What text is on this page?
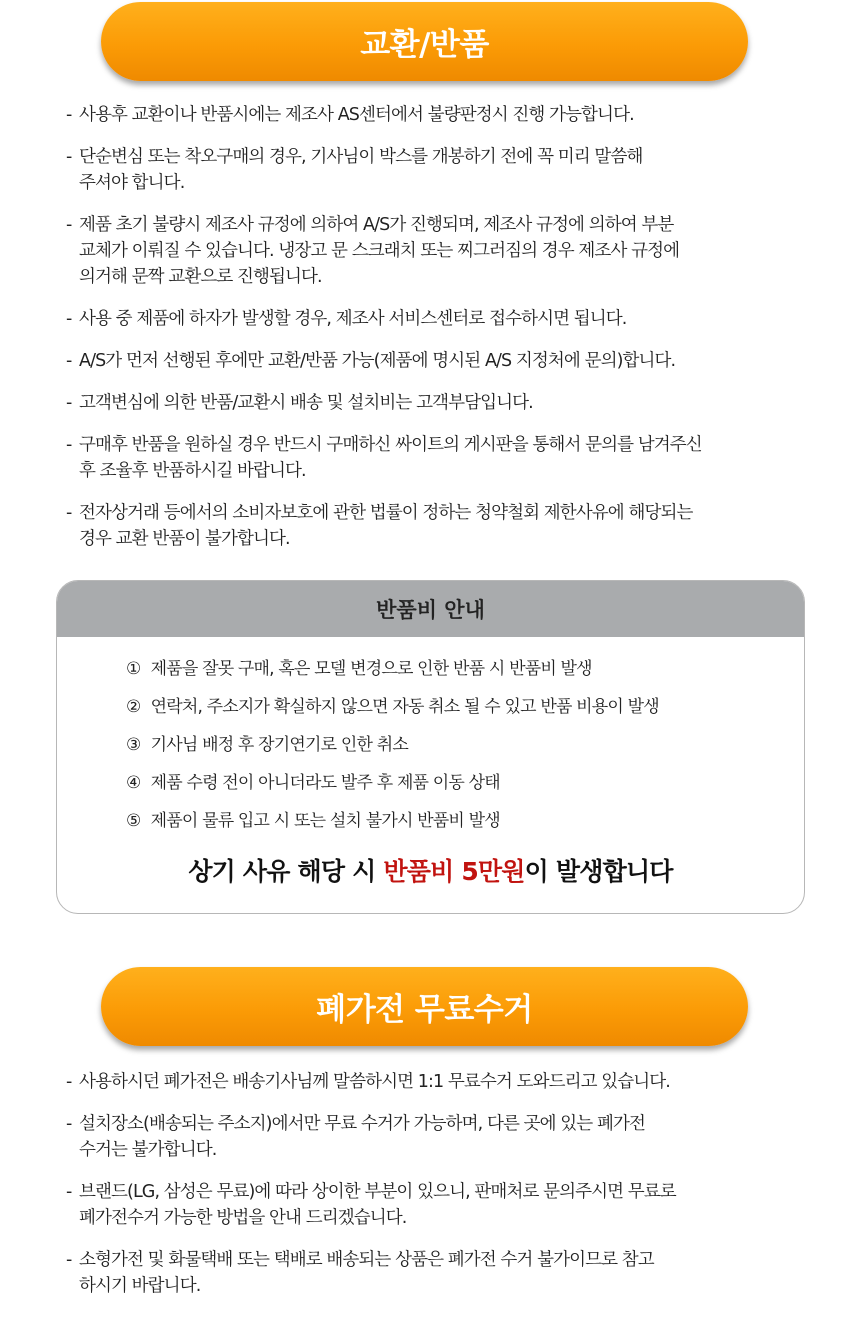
교환/반품
- 사용후 교환이나 반품시에는 제조사 AS센터에서 불량판정시 진행 가능합니다.
- 단순변심 또는 착오구매의 경우, 기사님이 박스를 개봉하기 전에 꼭 미리 말씀해
주셔야 합니다.
- 제품 초기 불량시 제조사 규정에 의하여 A/S가 진행되며, 제조사 규정에 의하여 부분
교체가 이뤄질 수 있습니다. 냉장고 문 스크래치 또는 찌그러짐의 경우 제조사 규정에
의거해 문짝 교환으로 진행됩니다.
- 사용 중 제품에 하자가 발생할 경우, 제조사 서비스센터로 접수하시면 됩니다.
- A/S가 먼저 선행된 후에만 교환/반품 가능(제품에 명시된 A/S 지정처에 문의)합니다.
- 고객변심에 의한 반품/교환시 배송 및 설치비는 고객부담입니다.
- 구매후 반품을 원하실 경우 반드시 구매하신 싸이트의 게시판을 통해서 문의를 남겨주신
후 조율후 반품하시길 바랍니다.
- 전자상거래 등에서의 소비자보호에 관한 법률이 정하는 청약철회 제한사유에 해당되는
경우 교환 반품이 불가합니다.
반품비 안내
① 제품을 잘못 구매, 혹은 모델 변경으로 인한 반품 시 반품비 발생
② 연락처, 주소지가 확실하지 않으면 자동 취소 될 수 있고 반품 비용이 발생
③ 기사님 배정 후 장기연기로 인한 취소
④ 제품 수령 전이 아니더라도 발주 후 제품 이동 상태
⑤ 제품이 물류 입고 시 또는 설치 불가시 반품비 발생
상기 사유 해당 시 반품비 5만원이 발생합니다
폐가전 무료수거
- 사용하시던 폐가전은 배송기사님께 말씀하시면 1:1 무료수거 도와드리고 있습니다.
- 설치장소(배송되는 주소지)에서만 무료 수거가 가능하며, 다른 곳에 있는 폐가전
수거는 불가합니다.
- 브랜드(LG, 삼성은 무료)에 따라 상이한 부분이 있으니, 판매처로 문의주시면 무료로
폐가전수거 가능한 방법을 안내 드리겠습니다.
- 소형가전 및 화물택배 또는 택배로 배송되는 상품은 폐가전 수거 불가이므로 참고
하시기 바랍니다.
